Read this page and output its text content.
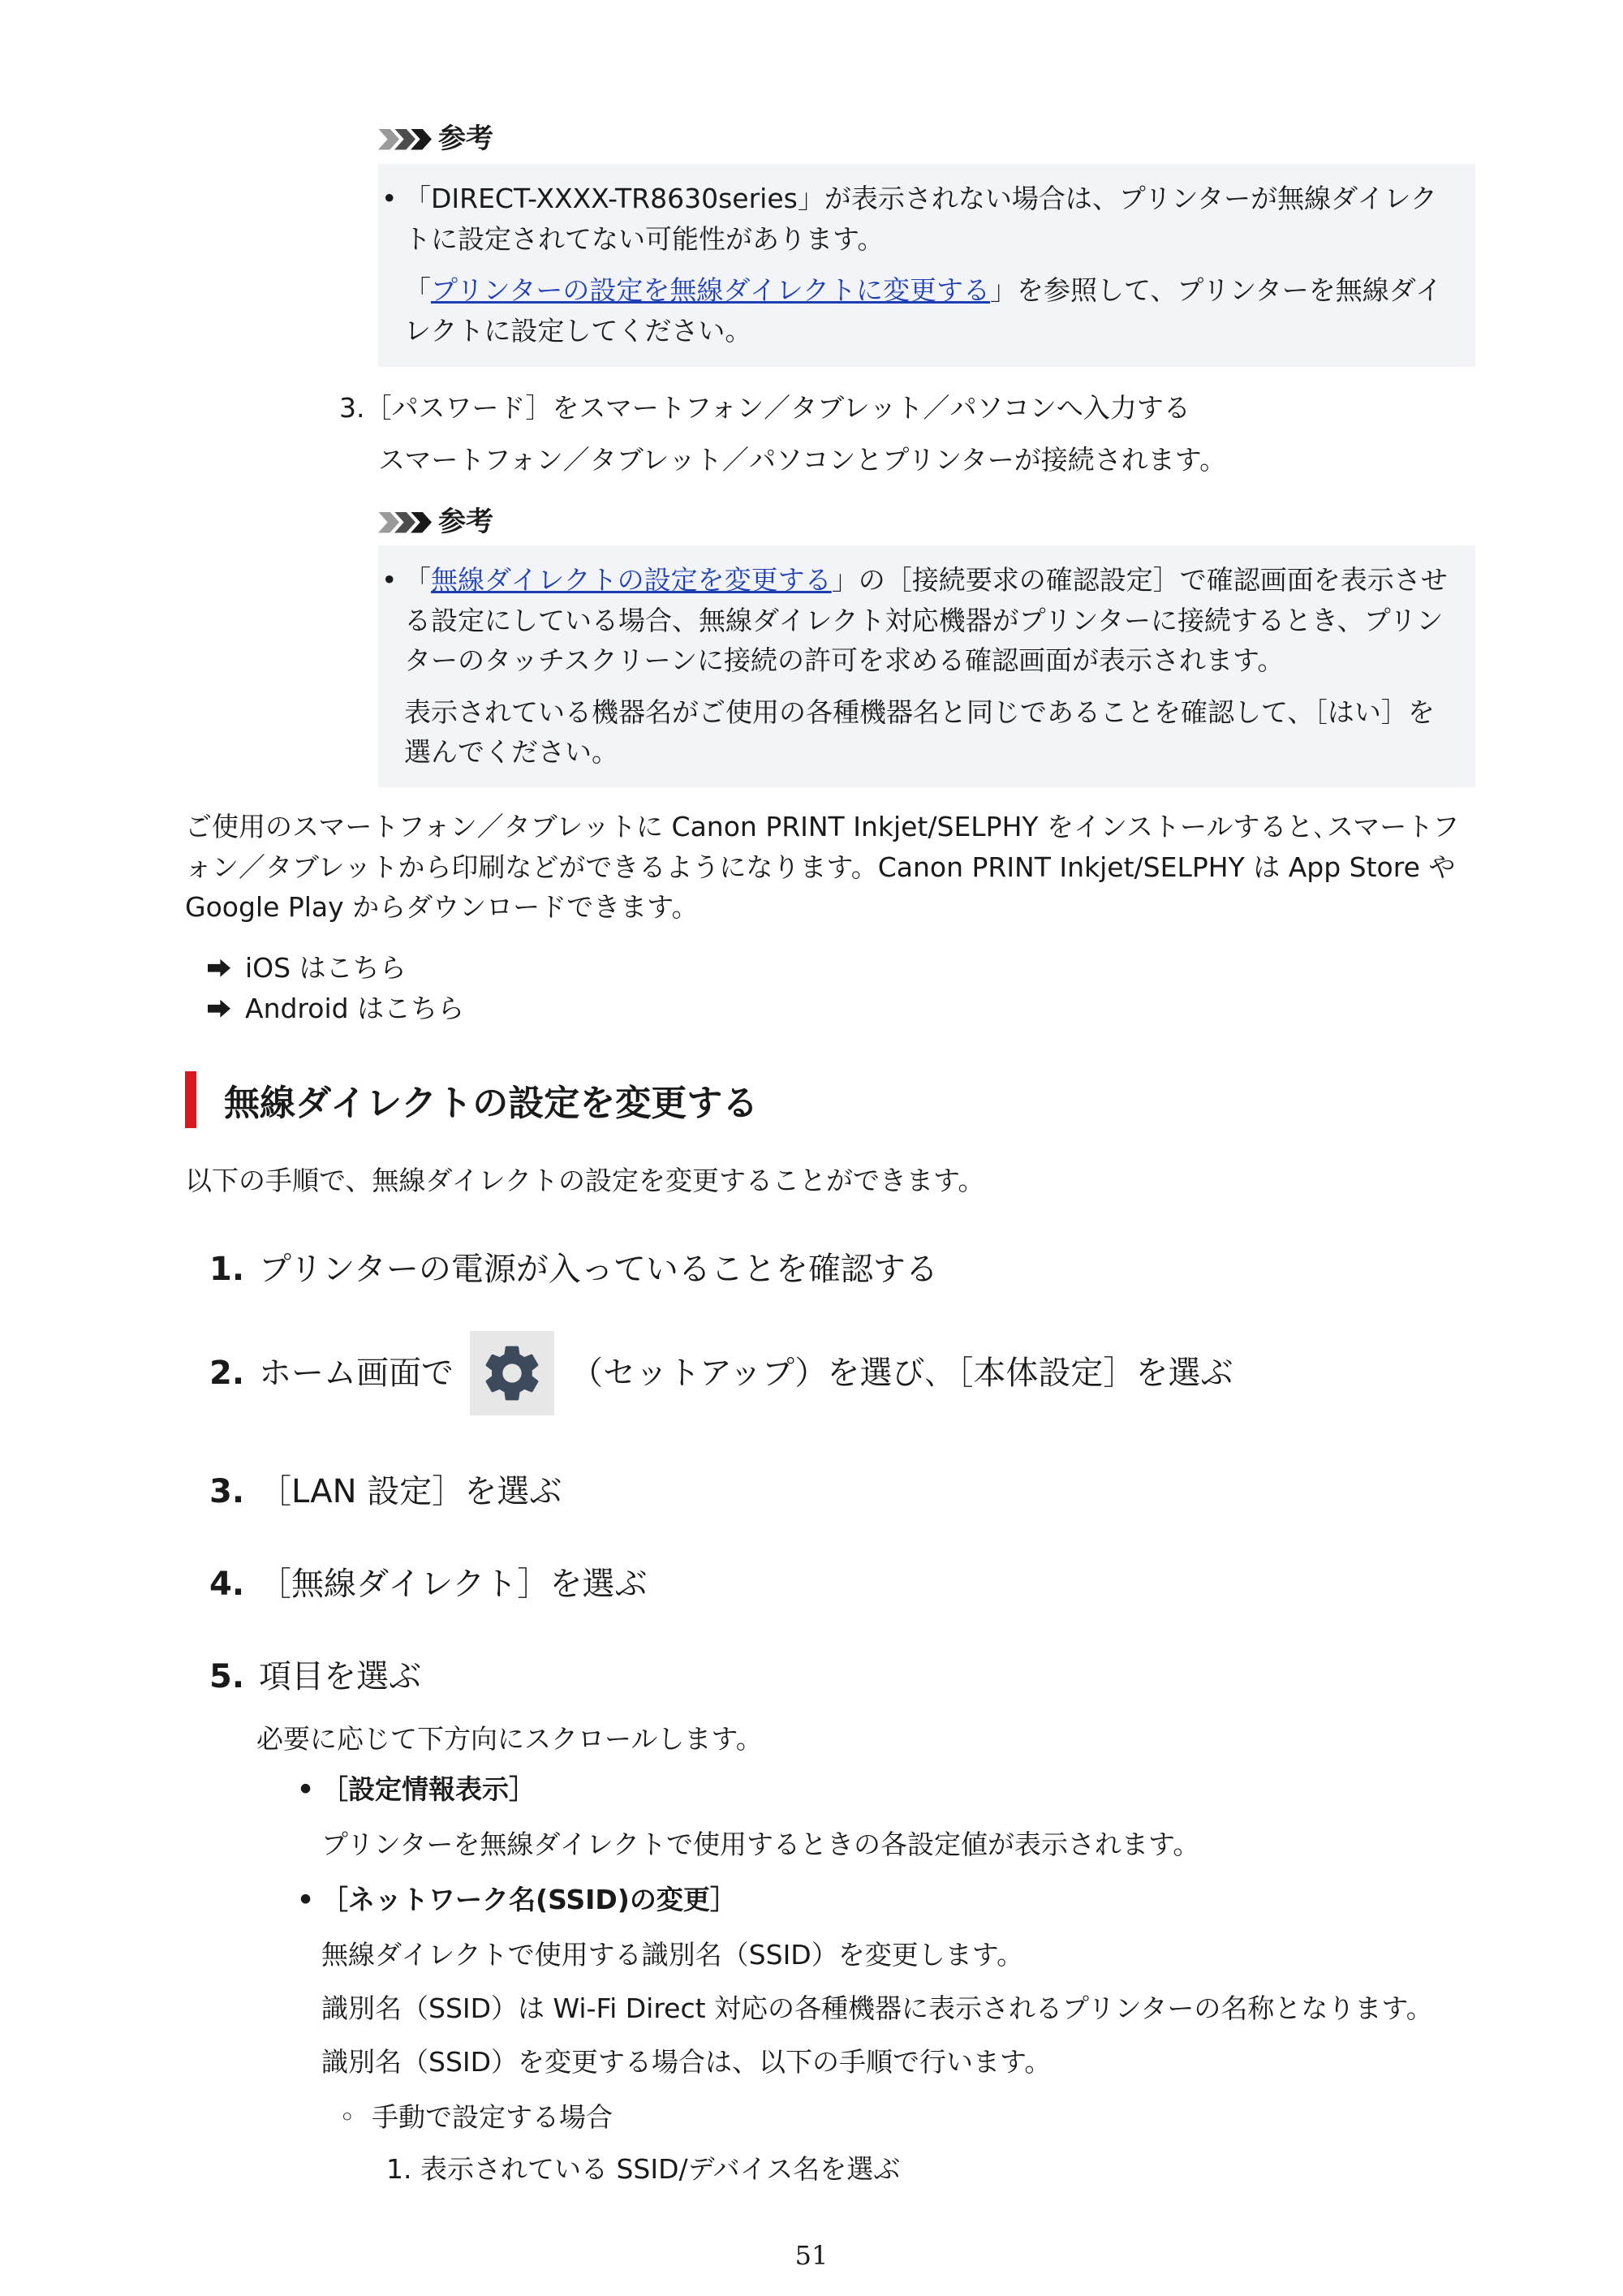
参考

• 「DIRECT-XXXX-TR8630series」が表示されない場合は、プリンターが無線ダイレクトに設定されてない可能性があります。

「プリンターの設定を無線ダイレクトに変更する」を参照して、プリンターを無線ダイレクトに設定してください。

3.［パスワード］をスマートフォン／タブレット／パソコンへ入力する
スマートフォン／タブレット／パソコンとプリンターが接続されます。
参考

• 「無線ダイレクトの設定を変更する」の［接続要求の確認設定］で確認画面を表示させる設定にしている場合、無線ダイレクト対応機器がプリンターに接続するとき、プリンターのタッチスクリーンに接続の許可を求める確認画面が表示されます。

表示されている機器名がご使用の各種機器名と同じであることを確認して、［はい］を選んでください。

ご使用のスマートフォン／タブレットに Canon PRINT Inkjet/SELPHY をインストールすると､スマートフォン／タブレットから印刷などができるようになります。Canon PRINT Inkjet/SELPHY は App Store や Google Play からダウンロードできます。
iOS はこちら
Android はこちら
無線ダイレクトの設定を変更する
以下の手順で、無線ダイレクトの設定を変更することができます。
1. プリンターの電源が入っていることを確認する
2. ホーム画面で	（セットアップ）を選び､［本体設定］を選ぶ
3. ［LAN 設定］を選ぶ
4. ［無線ダイレクト］を選ぶ
5. 項目を選ぶ
必要に応じて下方向にスクロールします。
• ［設定情報表示］
プリンターを無線ダイレクトで使用するときの各設定値が表示されます。
• ［ネットワーク名(SSID)の変更］
無線ダイレクトで使用する識別名（SSID）を変更します。
識別名（SSID）は Wi-Fi Direct 対応の各種機器に表示されるプリンターの名称となります。
識別名（SSID）を変更する場合は、以下の手順で行います。
◦ 手動で設定する場合
1. 表示されている SSID/デバイス名を選ぶ
51
